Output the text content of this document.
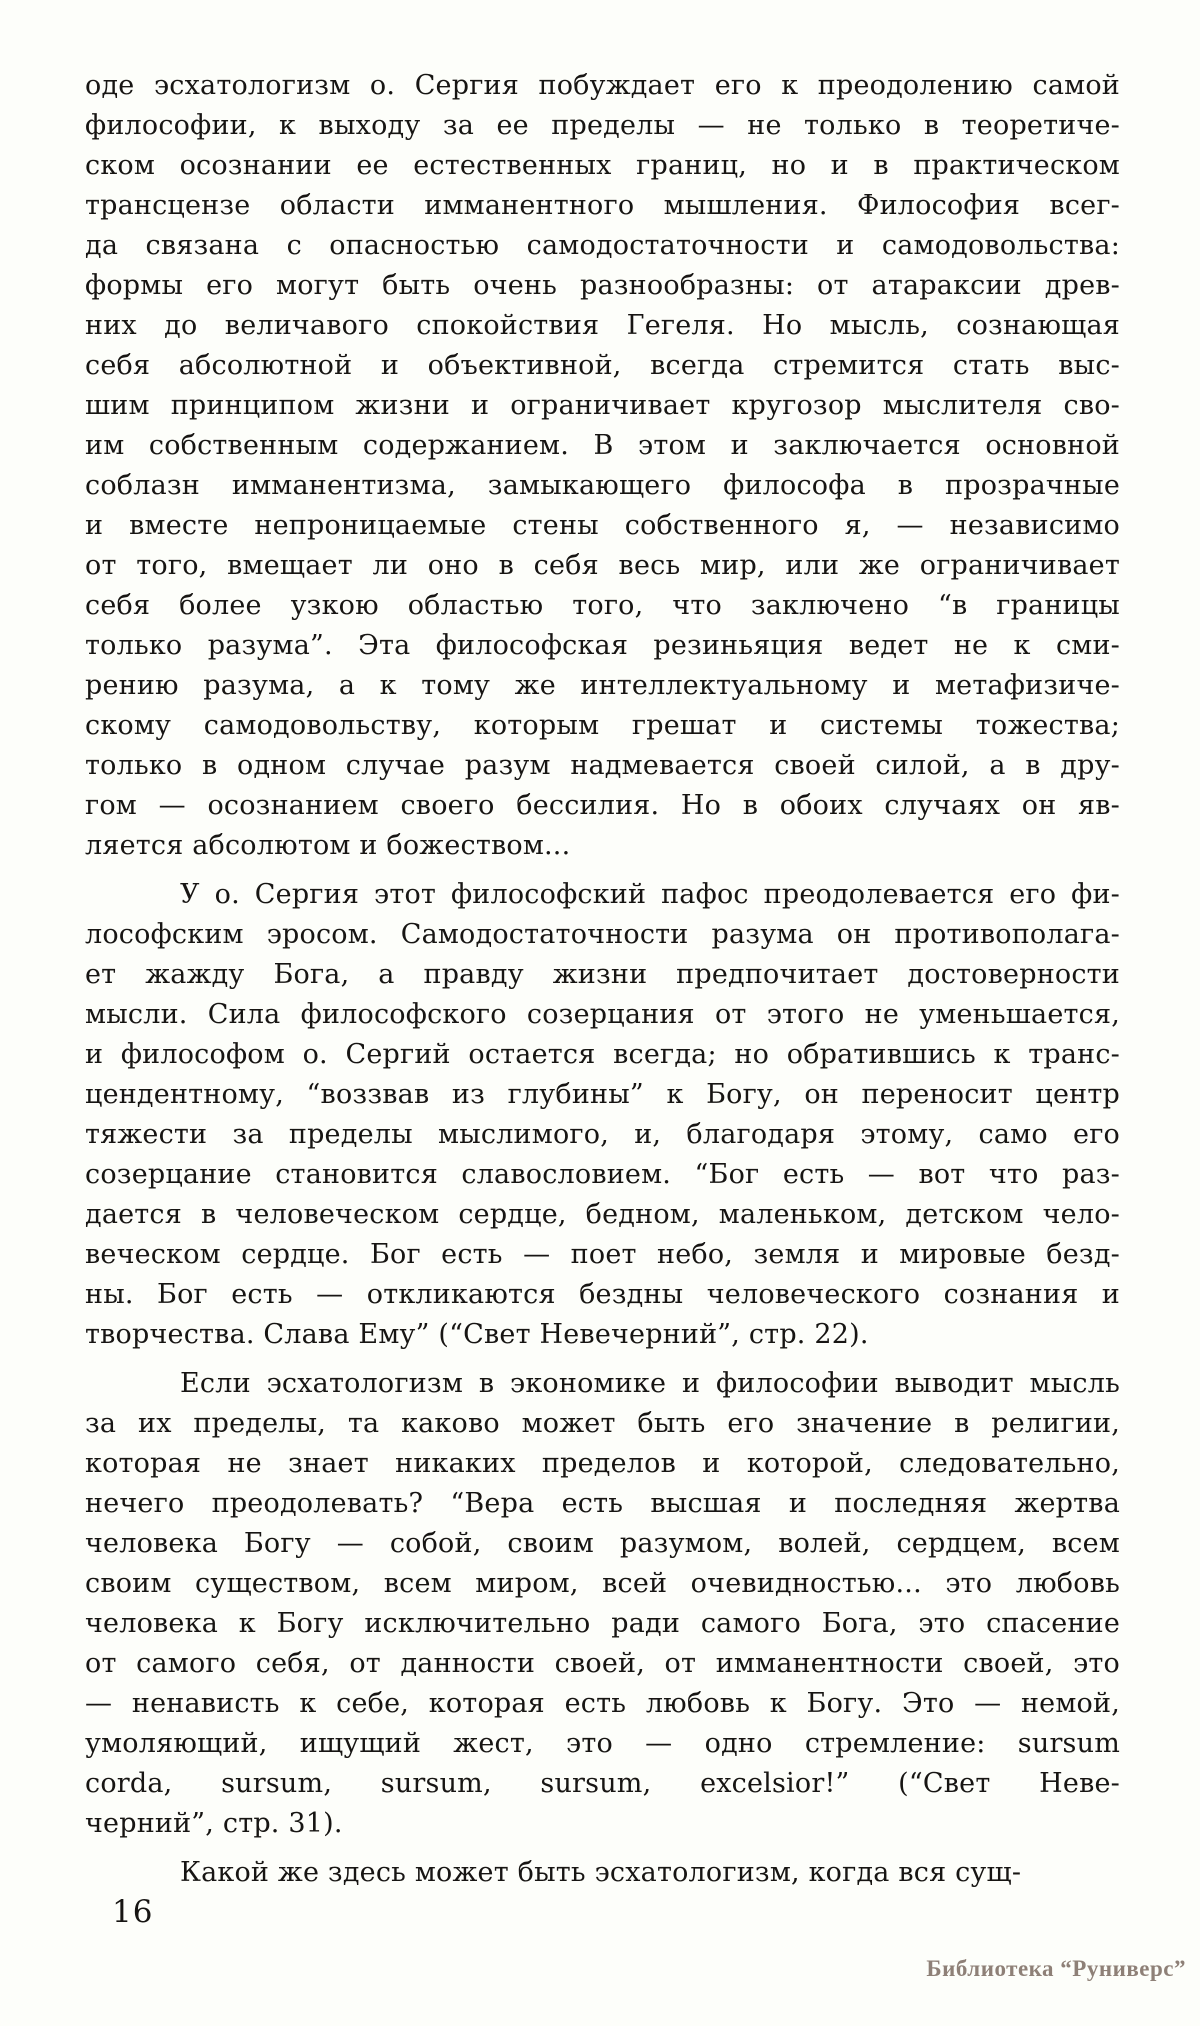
оде эсхатологизм о. Сергия побуждает его к преодолению самой
философии, к выходу за ее пределы — не только в теоретиче-
ском осознании ее естественных границ, но и в практическом
трансцензе области имманентного мышления. Философия всег-
да связана с опасностью самодостаточности и самодовольства:
формы его могут быть очень разнообразны: от атараксии древ-
них до величавого спокойствия Гегеля. Но мысль, сознающая
себя абсолютной и объективной, всегда стремится стать выс-
шим принципом жизни и ограничивает кругозор мыслителя сво-
им собственным содержанием. В этом и заключается основной
соблазн имманентизма, замыкающего философа в прозрачные
и вместе непроницаемые стены собственного я, — независимо
от того, вмещает ли оно в себя весь мир, или же ограничивает
себя более узкою областью того, что заключено “в границы
только разума”. Эта философская резиньяция ведет не к сми-
рению разума, а к тому же интеллектуальному и метафизиче-
скому самодовольству, которым грешат и системы тожества;
только в одном случае разум надмевается своей силой, а в дру-
гом — осознанием своего бессилия. Но в обоих случаях он яв-
ляется абсолютом и божеством...
У о. Сергия этот философский пафос преодолевается его фи-
лософским эросом. Самодостаточности разума он противополага-
ет жажду Бога, а правду жизни предпочитает достоверности
мысли. Сила философского созерцания от этого не уменьшается,
и философом о. Сергий остается всегда; но обратившись к транс-
цендентному, “воззвав из глубины” к Богу, он переносит центр
тяжести за пределы мыслимого, и, благодаря этому, само его
созерцание становится славословием. “Бог есть — вот что раз-
дается в человеческом сердце, бедном, маленьком, детском чело-
веческом сердце. Бог есть — поет небо, земля и мировые безд-
ны. Бог есть — откликаются бездны человеческого сознания и
творчества. Слава Ему” (“Свет Невечерний”, стр. 22).
Если эсхатологизм в экономике и философии выводит мысль
за их пределы, та каково может быть его значение в религии,
которая не знает никаких пределов и которой, следовательно,
нечего преодолевать? “Вера есть высшая и последняя жертва
человека Богу — собой, своим разумом, волей, сердцем, всем
своим существом, всем миром, всей очевидностью... это любовь
человека к Богу исключительно ради самого Бога, это спасение
от самого себя, от данности своей, от имманентности своей, это
— ненависть к себе, которая есть любовь к Богу. Это — немой,
умоляющий, ищущий жест, это — одно стремление: sursum
corda, sursum, sursum, sursum, excelsior!” (“Свет Неве-
черний”, стр. 31).
Какой же здесь может быть эсхатологизм, когда вся сущ-
16
Библиотека “Руниверс”
